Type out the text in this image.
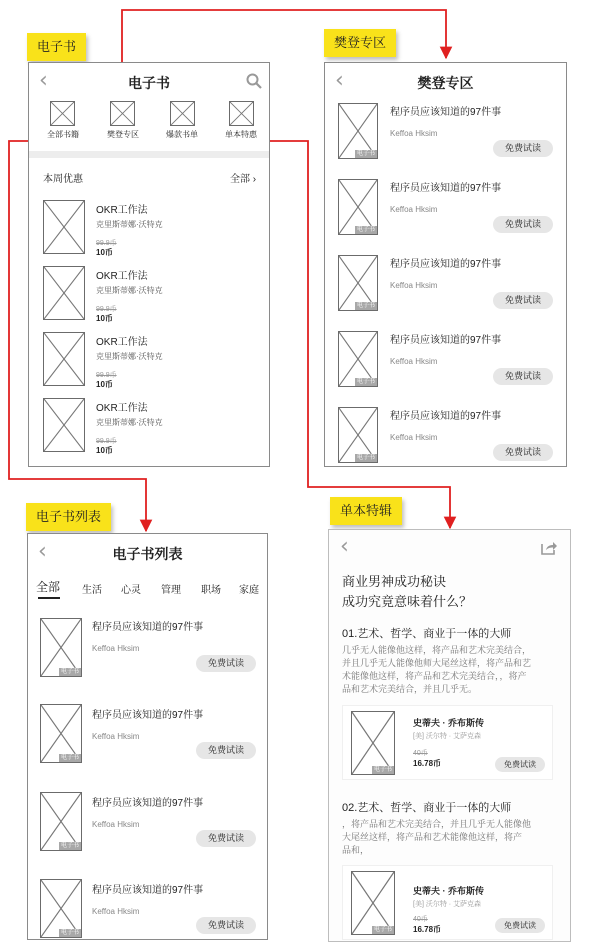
电子书	樊登专区
电子书列表	单本特辑
‹	电子书
全部书籍	樊登专区	爆款书单	单本特惠
本周优惠	全部 ›
OKR工作法
克里斯蒂娜·沃特克
99.9币
10币
OKR工作法
克里斯蒂娜·沃特克
99.9币
10币
OKR工作法
克里斯蒂娜·沃特克
99.9币
10币
OKR工作法
克里斯蒂娜·沃特克
99.9币
10币
‹	樊登专区
电子书
程序员应该知道的97件事
Keffoa Hksim
免费试读
电子书
程序员应该知道的97件事
Keffoa Hksim
免费试读
电子书
程序员应该知道的97件事
Keffoa Hksim
免费试读
电子书
程序员应该知道的97件事
Keffoa Hksim
免费试读
电子书
程序员应该知道的97件事
Keffoa Hksim
免费试读
‹	电子书列表
全部 生活 心灵 管理 职场 家庭
电子书
程序员应该知道的97件事
Keffoa Hksim
免费试读
电子书
程序员应该知道的97件事
Keffoa Hksim
免费试读
电子书
程序员应该知道的97件事
Keffoa Hksim
免费试读
电子书
程序员应该知道的97件事
Keffoa Hksim
免费试读
‹
商业男神成功秘诀
成功究竟意味着什么？
01.艺术、哲学、商业于一体的大师
几乎无人能像他这样，将产品和艺术完美结合，
并且几乎无人能像他师大尾丝这样，将产品和艺
术能像他这样，将产品和艺术完美结合，，将产
品和艺术完美结合，并且几乎无。
电子书
史蒂夫 · 乔布斯传
[美] 沃尔特 · 艾萨克森
40币
16.78币	免费试读
02.艺术、哲学、商业于一体的大师
，将产品和艺术完美结合，并且几乎无人能像他
大尾丝这样，将产品和艺术能像他这样，将产
品和，
电子书
史蒂夫 · 乔布斯传
[美] 沃尔特 · 艾萨克森
40币
16.78币	免费试读
